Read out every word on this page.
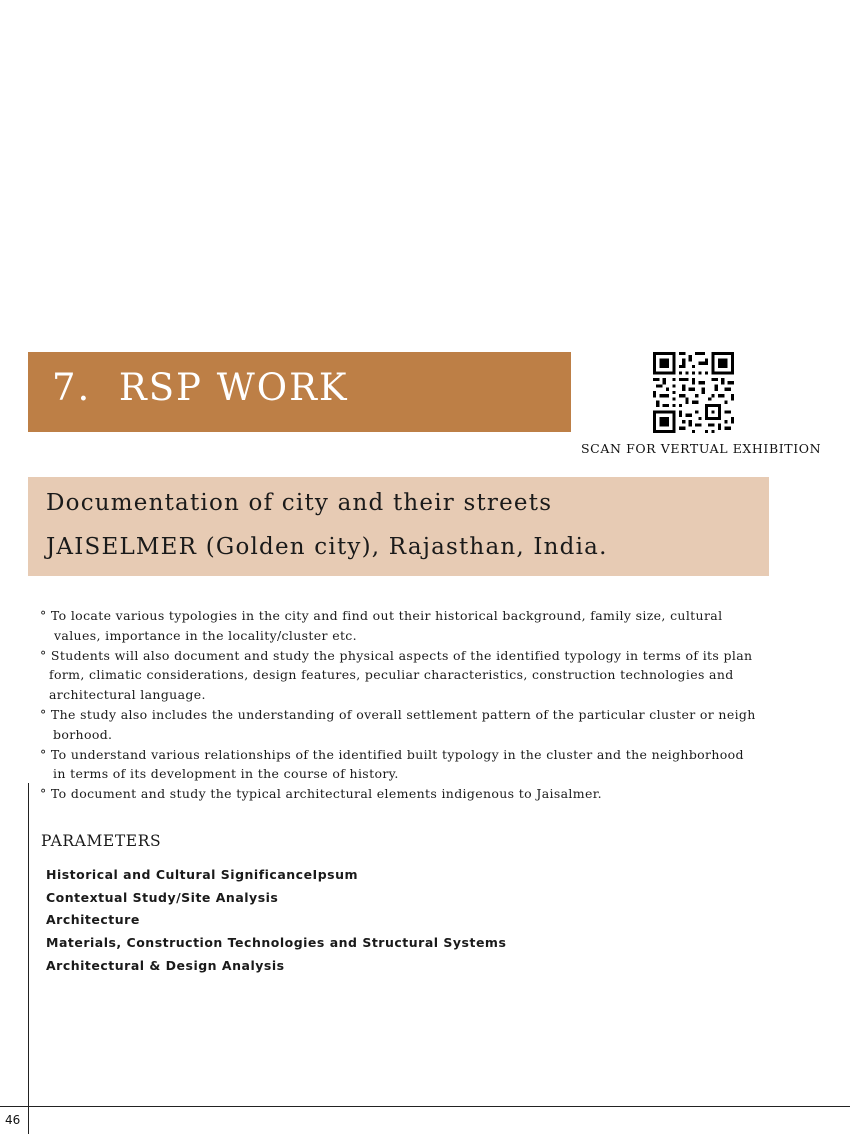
7. RSP WORK
SCAN FOR VERTUAL EXHIBITION
Documentation of city and their streets
JAISELMER (Golden city), Rajasthan, India.
° To locate various typologies in the city and find out their historical background, family size, cultural
values, importance in the locality/cluster etc.
° Students will also document and study the physical aspects of the identified typology in terms of its plan
form, climatic considerations, design features, peculiar characteristics, construction technologies and
architectural language.
° The study also includes the understanding of overall settlement pattern of the particular cluster or neigh
borhood.
° To understand various relationships of the identified built typology in the cluster and the neighborhood
in terms of its development in the course of history.
° To document and study the typical architectural elements indigenous to Jaisalmer.
PARAMETERS
Historical and Cultural SignificanceIpsum
Contextual Study/Site Analysis
Architecture
Materials, Construction Technologies and Structural Systems
Architectural & Design Analysis
46
